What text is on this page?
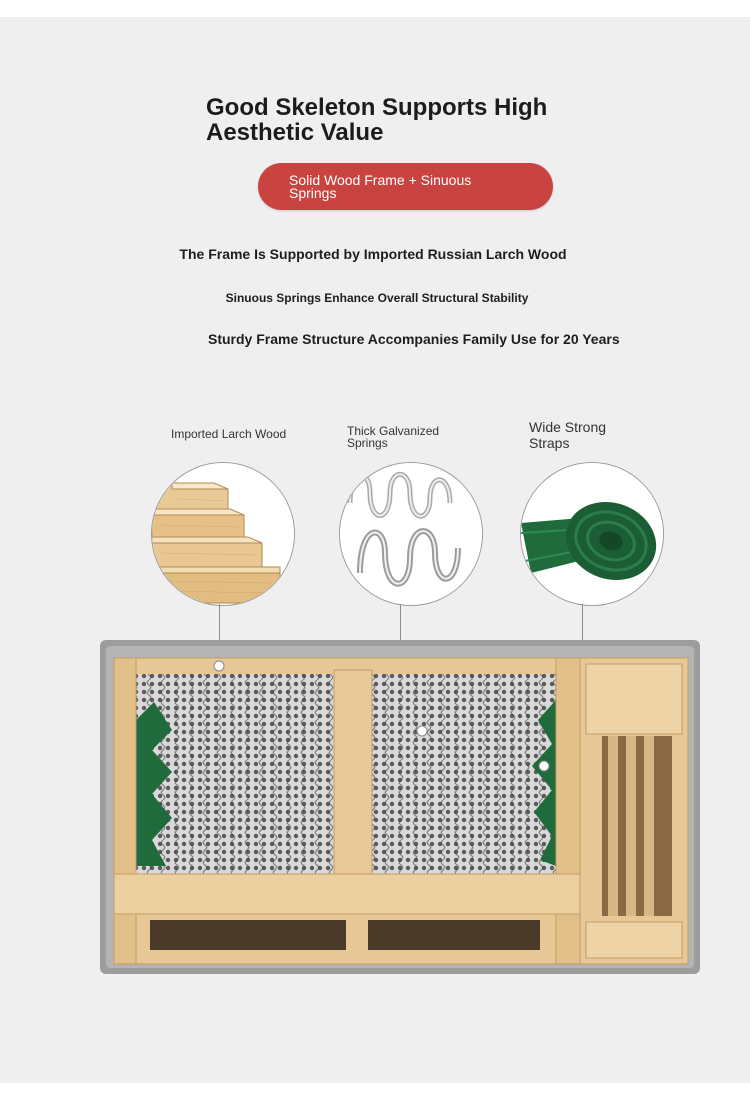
Good Skeleton Supports High Aesthetic Value
Solid Wood Frame + Sinuous Springs
The Frame Is Supported by Imported Russian Larch Wood
Sinuous Springs Enhance Overall Structural Stability
Sturdy Frame Structure Accompanies Family Use for 20 Years
Imported Larch Wood	Thick Galvanized Springs
Wide Strong Straps
